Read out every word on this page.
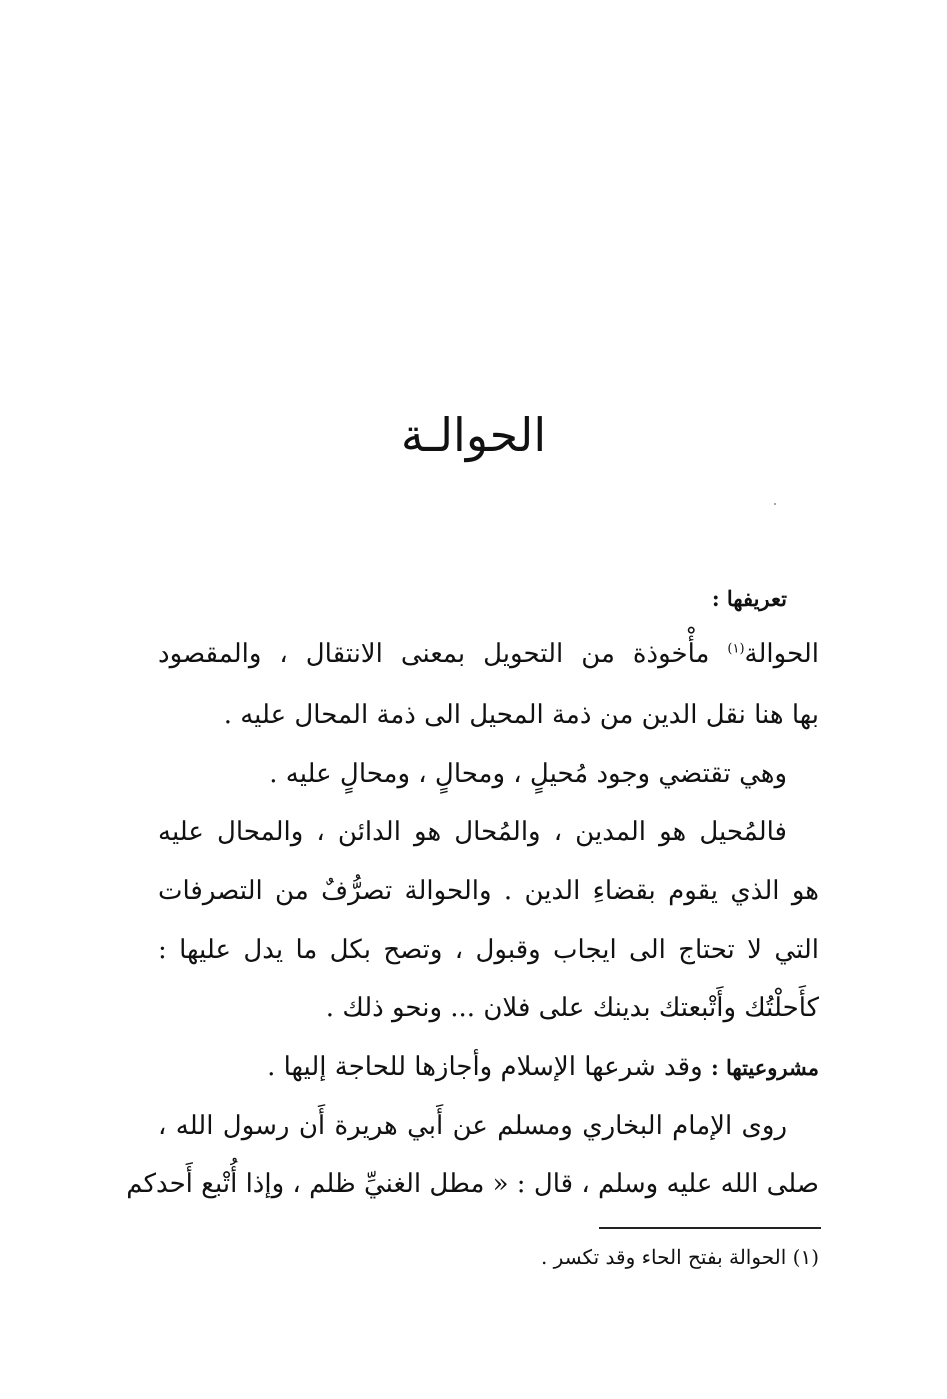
الحوالـة
تعريفها :
الحوالة$^{(١)}$ مأْخوذة من التحويل بمعنى الانتقال ، والمقصود
بها هنا نقل الدين من ذمة المحيل الى ذمة المحال عليه .
وهي تقتضي وجود مُحيلٍ ، ومحالٍ ، ومحالٍ عليه .
فالمُحيل هو المدين ، والمُحال هو الدائن ، والمحال عليه
هو الذي يقوم بقضاءِ الدين . والحوالة تصرُّفٌ من التصرفات
التي لا تحتاج الى ايجاب وقبول ، وتصح بكل ما يدل عليها :
كأَحلْتُك وأَتْبعتك بدينك على فلان ... ونحو ذلك .
مشروعيتها : وقد شرعها الإسلام وأجازها للحاجة إليها .
روى الإمام البخاري ومسلم عن أَبي هريرة أَن رسول الله ،
صلى الله عليه وسلم ، قال : « مطل الغنيِّ ظلم ، وإذا أُتْبع أَحدكم
(١) الحوالة بفتح الحاء وقد تكسر .
